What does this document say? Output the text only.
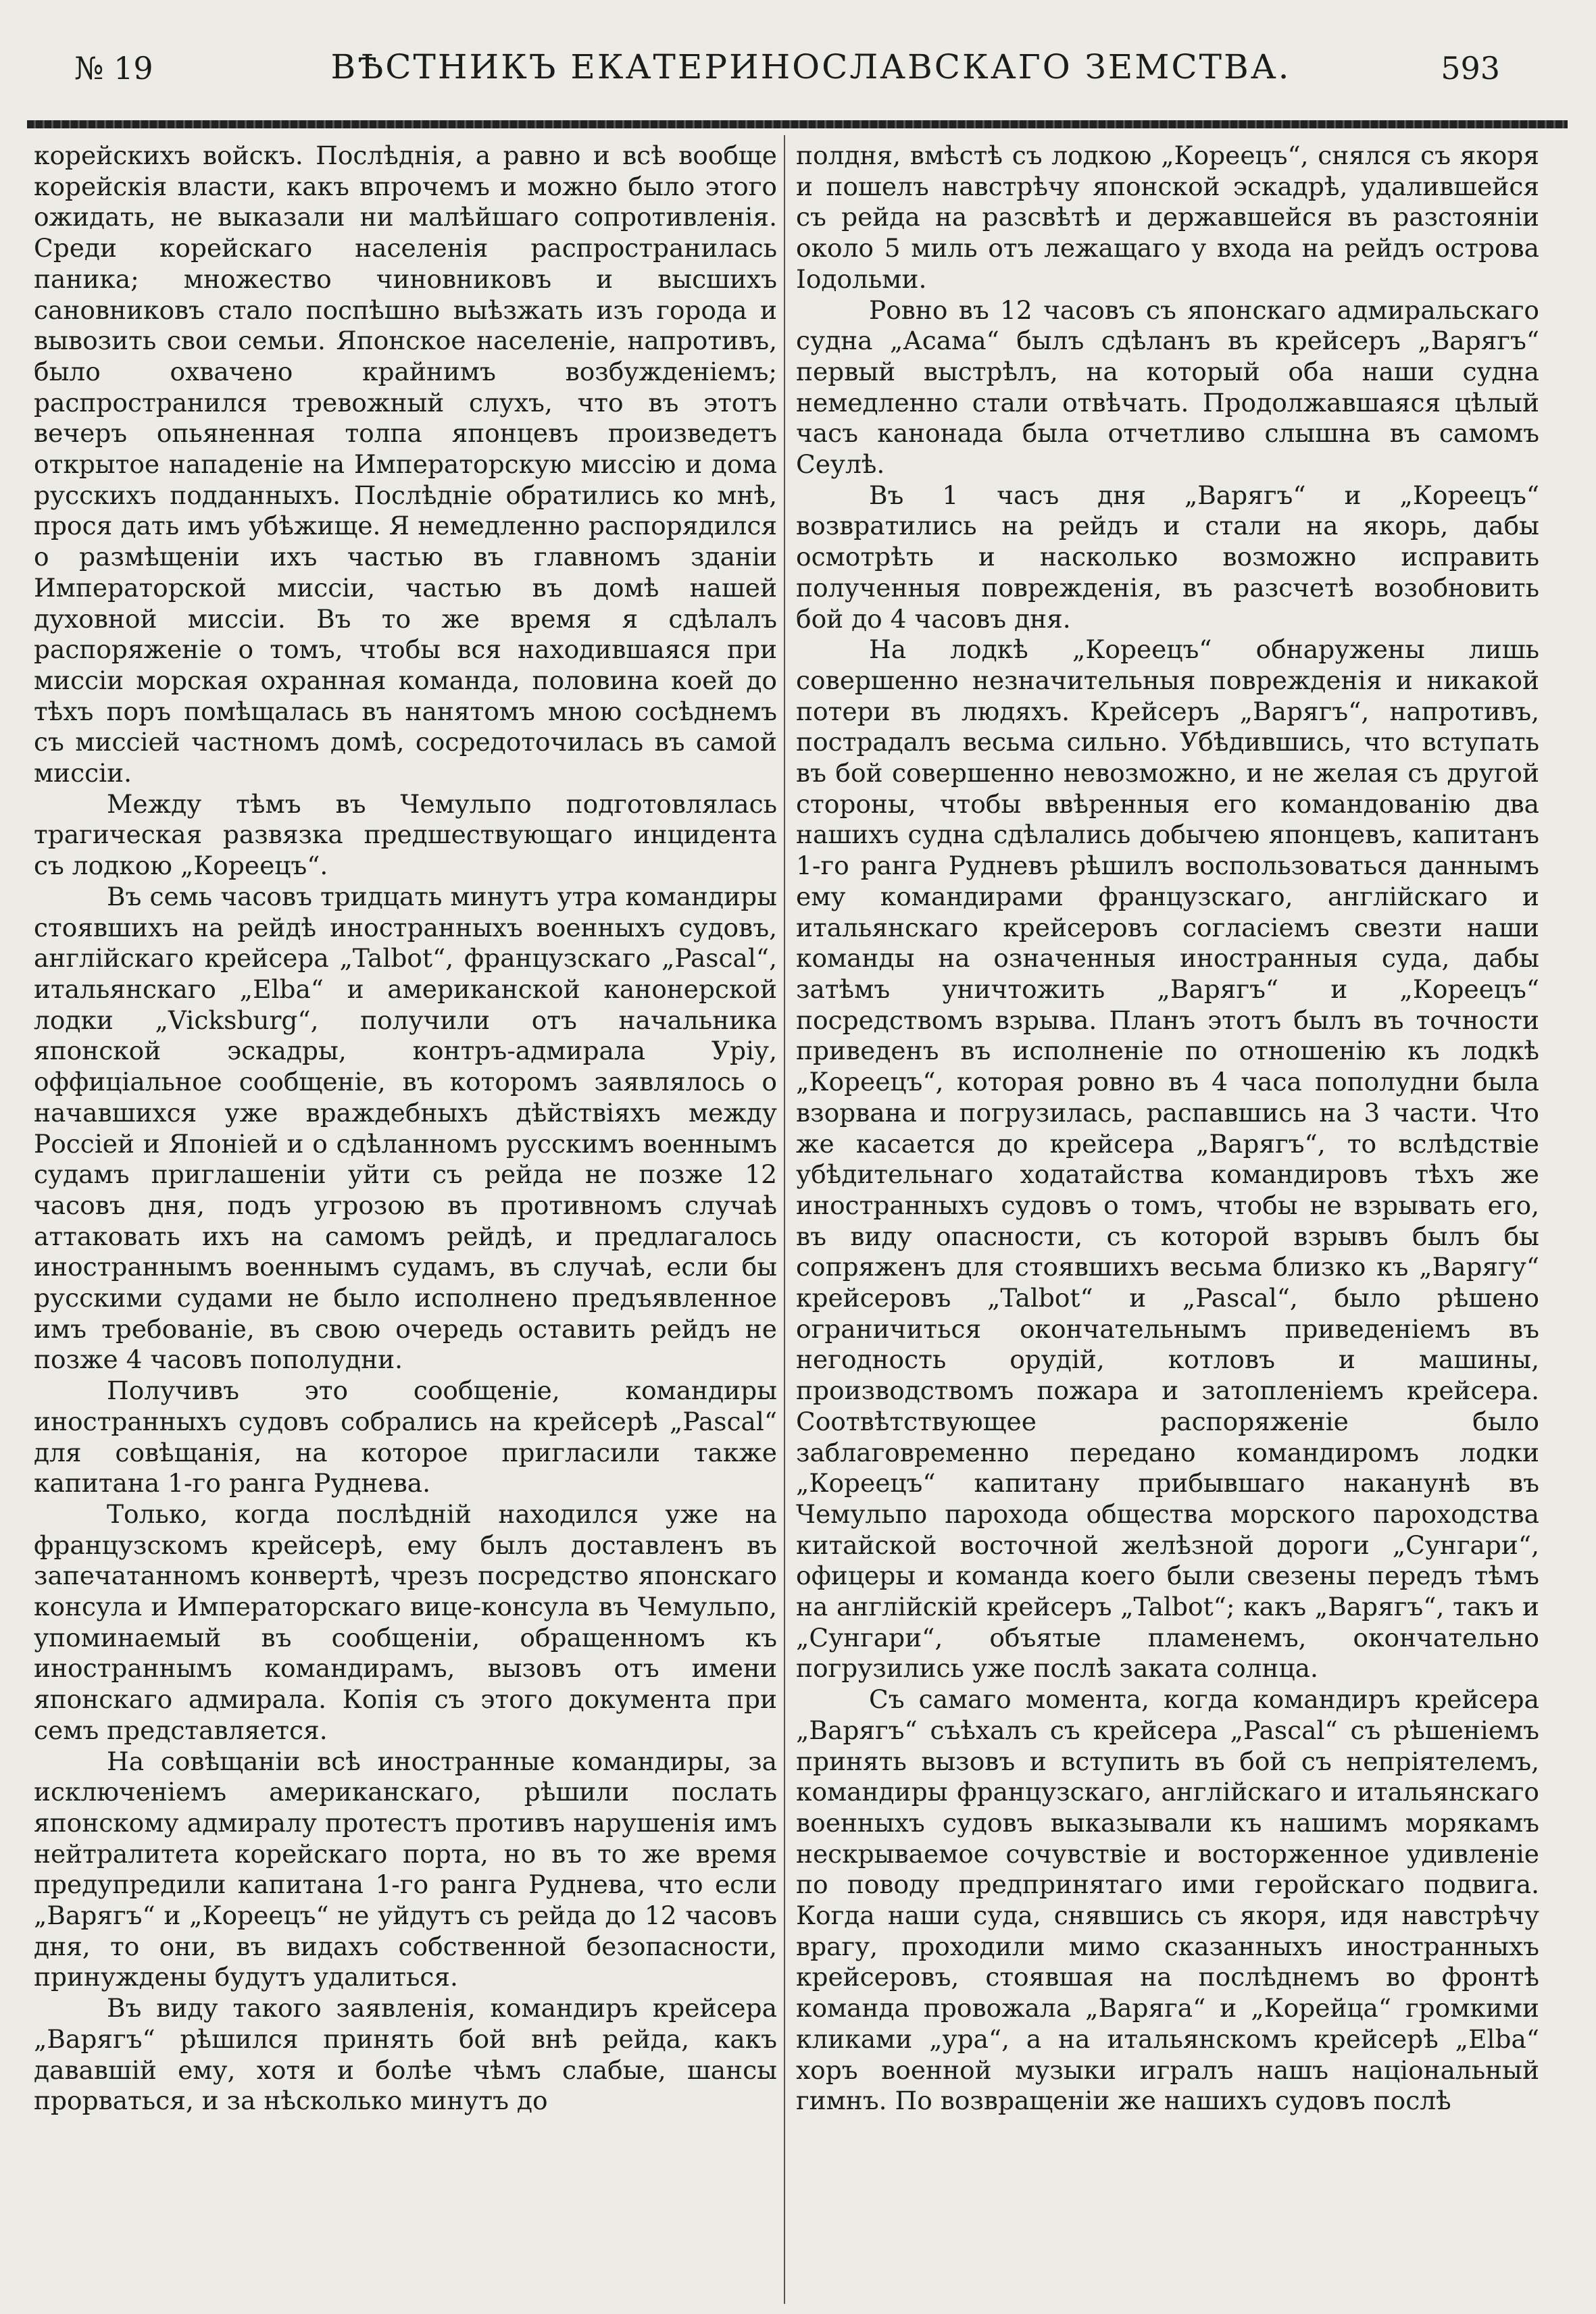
№ 19	ВѢСТНИКЪ ЕКАТЕРИНОСЛАВСКАГО ЗЕМСТВА.	593

корейскихъ войскъ. Послѣднія, а равно и всѣ вообще корейскія власти, какъ впрочемъ и можно было этого ожидать, не выказали ни малѣйшаго сопротивленія. Среди корейскаго населенія распространилась паника; множество чиновниковъ и высшихъ сановниковъ стало поспѣшно выѣзжать изъ города и вывозить свои семьи. Японское населеніе, напротивъ, было охвачено крайнимъ возбужденіемъ; распространился тревожный слухъ, что въ этотъ вечеръ опьяненная толпа японцевъ произведетъ открытое нападеніе на Императорскую миссію и дома русскихъ подданныхъ. Послѣдніе обратились ко мнѣ, прося дать имъ убѣжище. Я немедленно распорядился о размѣщеніи ихъ частью въ главномъ зданіи Императорской миссіи, частью въ домѣ нашей духовной миссіи. Въ то же время я сдѣлалъ распоряженіе о томъ, чтобы вся находившаяся при миссіи морская охранная команда, половина коей до тѣхъ поръ помѣщалась въ нанятомъ мною сосѣднемъ съ миссіей частномъ домѣ, сосредоточилась въ самой миссіи.

Между тѣмъ въ Чемульпо подготовлялась трагическая развязка предшествующаго инцидента съ лодкою „Кореецъ“.

Въ семь часовъ тридцать минутъ утра командиры стоявшихъ на рейдѣ иностранныхъ военныхъ судовъ, англійскаго крейсера „Talbot“, французскаго „Pascal“, итальянскаго „Elba“ и американской канонерской лодки „Vicksburg“, получили отъ начальника японской эскадры, контръ-адмирала Уріу, оффиціальное сообщеніе, въ которомъ заявлялось о начавшихся уже враждебныхъ дѣйствіяхъ между Россіей и Японіей и о сдѣланномъ русскимъ военнымъ судамъ приглашеніи уйти съ рейда не позже 12 часовъ дня, подъ угрозою въ противномъ случаѣ аттаковать ихъ на самомъ рейдѣ, и предлагалось иностраннымъ военнымъ судамъ, въ случаѣ, если бы русскими судами не было исполнено предъявленное имъ требованіе, въ свою очередь оставить рейдъ не позже 4 часовъ пополудни.

Получивъ это сообщеніе, командиры иностранныхъ судовъ собрались на крейсерѣ „Pascal“ для совѣщанія, на которое пригласили также капитана 1-го ранга Руднева.

Только, когда послѣдній находился уже на французскомъ крейсерѣ, ему былъ доставленъ въ запечатанномъ конвертѣ, чрезъ посредство японскаго консула и Императорскаго вице-консула въ Чемульпо, упоминаемый въ сообщеніи, обращенномъ къ иностраннымъ командирамъ, вызовъ отъ имени японскаго адмирала. Копія съ этого документа при семъ представляется.

На совѣщаніи всѣ иностранные командиры, за исключеніемъ американскаго, рѣшили послать японскому адмиралу протестъ противъ нарушенія имъ нейтралитета корейскаго порта, но въ то же время предупредили капитана 1-го ранга Руднева, что если „Варягъ“ и „Кореецъ“ не уйдутъ съ рейда до 12 часовъ дня, то они, въ видахъ собственной безопасности, принуждены будутъ удалиться.

Въ виду такого заявленія, командиръ крейсера „Варягъ“ рѣшился принять бой внѣ рейда, какъ дававшій ему, хотя и болѣе чѣмъ слабые, шансы прорваться, и за нѣсколько минутъ до

полдня, вмѣстѣ съ лодкою „Кореецъ“, снялся съ якоря и пошелъ навстрѣчу японской эскадрѣ, удалившейся съ рейда на разсвѣтѣ и державшейся въ разстояніи около 5 миль отъ лежащаго у входа на рейдъ острова Іодольми.

Ровно въ 12 часовъ съ японскаго адмиральскаго судна „Асама“ былъ сдѣланъ въ крейсеръ „Варягъ“ первый выстрѣлъ, на который оба наши судна немедленно стали отвѣчать. Продолжавшаяся цѣлый часъ канонада была отчетливо слышна въ самомъ Сеулѣ.

Въ 1 часъ дня „Варягъ“ и „Кореецъ“ возвратились на рейдъ и стали на якорь, дабы осмотрѣть и насколько возможно исправить полученныя поврежденія, въ разсчетѣ возобновить бой до 4 часовъ дня.

На лодкѣ „Кореецъ“ обнаружены лишь совершенно незначительныя поврежденія и никакой потери въ людяхъ. Крейсеръ „Варягъ“, напротивъ, пострадалъ весьма сильно. Убѣдившись, что вступать въ бой совершенно невозможно, и не желая съ другой стороны, чтобы ввѣренныя его командованію два нашихъ судна сдѣлались добычею японцевъ, капитанъ 1-го ранга Рудневъ рѣшилъ воспользоваться даннымъ ему командирами французскаго, англійскаго и итальянскаго крейсеровъ согласіемъ свезти наши команды на означенныя иностранныя суда, дабы затѣмъ уничтожить „Варягъ“ и „Кореецъ“ посредствомъ взрыва. Планъ этотъ былъ въ точности приведенъ въ исполненіе по отношенію къ лодкѣ „Кореецъ“, которая ровно въ 4 часа пополудни была взорвана и погрузилась, распавшись на 3 части. Что же касается до крейсера „Варягъ“, то вслѣдствіе убѣдительнаго ходатайства командировъ тѣхъ же иностранныхъ судовъ о томъ, чтобы не взрывать его, въ виду опасности, съ которой взрывъ былъ бы сопряженъ для стоявшихъ весьма близко къ „Варягу“ крейсеровъ „Talbot“ и „Pascal“, было рѣшено ограничиться окончательнымъ приведеніемъ въ негодность орудій, котловъ и машины, производствомъ пожара и затопленіемъ крейсера. Соотвѣтствующее распоряженіе было заблаговременно передано командиромъ лодки „Кореецъ“ капитану прибывшаго наканунѣ въ Чемульпо парохода общества морского пароходства китайской восточной желѣзной дороги „Сунгари“, офицеры и команда коего были свезены передъ тѣмъ на англійскій крейсеръ „Talbot“; какъ „Варягъ“, такъ и „Сунгари“, объятые пламенемъ, окончательно погрузились уже послѣ заката солнца.

Съ самаго момента, когда командиръ крейсера „Варягъ“ съѣхалъ съ крейсера „Pascal“ съ рѣшеніемъ принять вызовъ и вступить въ бой съ непріятелемъ, командиры французскаго, англійскаго и итальянскаго военныхъ судовъ выказывали къ нашимъ морякамъ нескрываемое сочувствіе и восторженное удивленіе по поводу предпринятаго ими геройскаго подвига. Когда наши суда, снявшись съ якоря, идя навстрѣчу врагу, проходили мимо сказанныхъ иностранныхъ крейсеровъ, стоявшая на послѣднемъ во фронтѣ команда провожала „Варяга“ и „Корейца“ громкими кликами „ура“, а на итальянскомъ крейсерѣ „Elba“ хоръ военной музыки игралъ нашъ національный гимнъ. По возвращеніи же нашихъ судовъ послѣ
